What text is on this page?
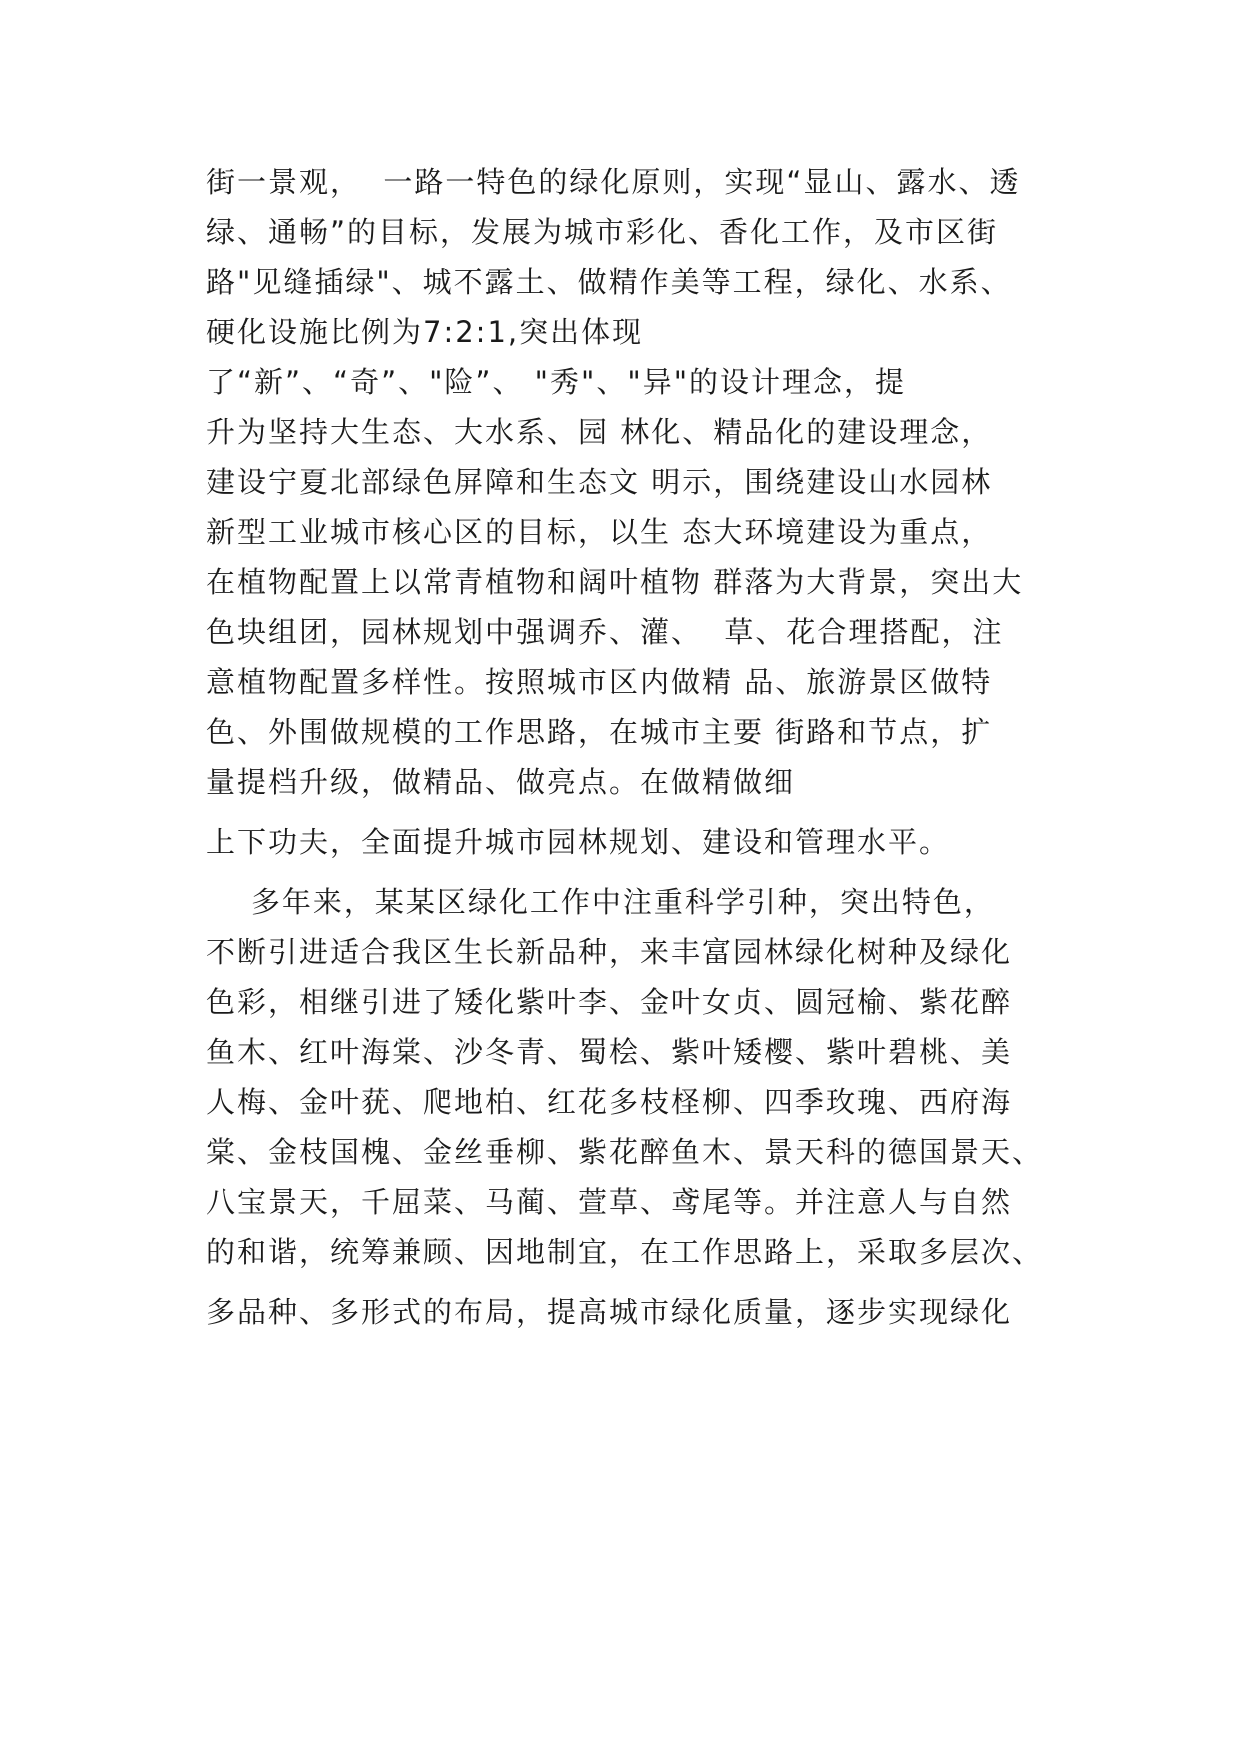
街一景观，  一路一特色的绿化原则，实现“显山、露水、透

绿、通畅”的目标，发展为城市彩化、香化工作，及市区街

路"见缝插绿"、城不露土、做精作美等工程，绿化、水系、

硬化设施比例为7:2:1,突出体现

了“新”、“奇”、"险”、 "秀"、"异"的设计理念，提

升为坚持大生态、大水系、园 林化、精品化的建设理念，

建设宁夏北部绿色屏障和生态文 明示，围绕建设山水园林

新型工业城市核心区的目标，以生 态大环境建设为重点，

在植物配置上以常青植物和阔叶植物 群落为大背景，突出大

色块组团，园林规划中强调乔、灌、  草、花合理搭配，注

意植物配置多样性。按照城市区内做精 品、旅游景区做特

色、外围做规模的工作思路，在城市主要 街路和节点，扩

量提档升级，做精品、做亮点。在做精做细

上下功夫，全面提升城市园林规划、建设和管理水平。

多年来，某某区绿化工作中注重科学引种，突出特色，

不断引进适合我区生长新品种，来丰富园林绿化树种及绿化

色彩，相继引进了矮化紫叶李、金叶女贞、圆冠榆、紫花醉

鱼木、红叶海棠、沙冬青、蜀桧、紫叶矮樱、紫叶碧桃、美

人梅、金叶莸、爬地柏、红花多枝柽柳、四季玫瑰、西府海

棠、金枝国槐、金丝垂柳、紫花醉鱼木、景天科的德国景天、

八宝景天，千屈菜、马蔺、萱草、鸢尾等。并注意人与自然

的和谐，统筹兼顾、因地制宜，在工作思路上，采取多层次、

多品种、多形式的布局，提高城市绿化质量，逐步实现绿化
